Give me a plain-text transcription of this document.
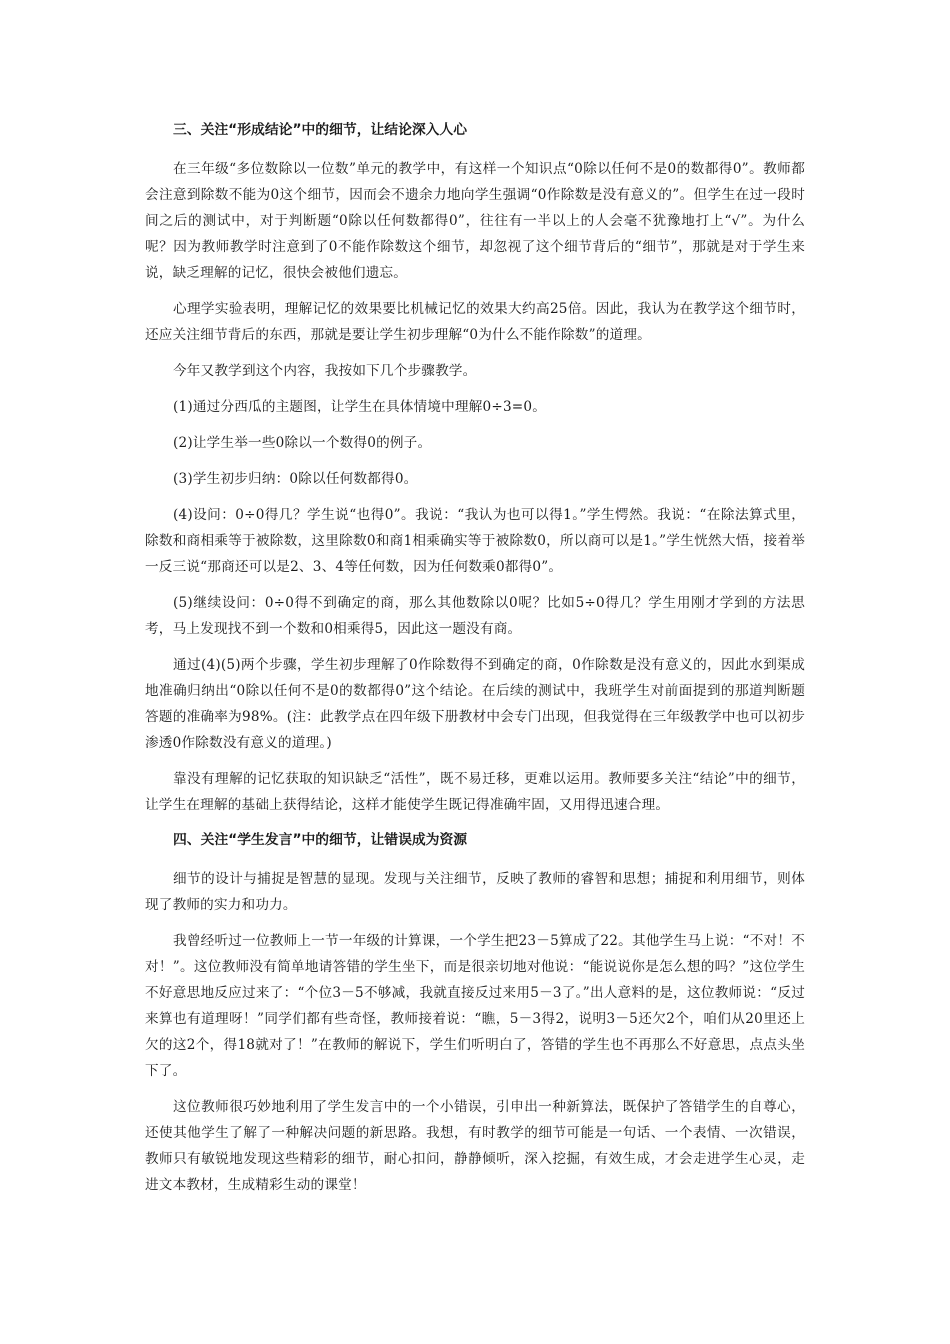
三、关注“形成结论”中的细节，让结论深入人心

在三年级“多位数除以一位数”单元的教学中，有这样一个知识点“0除以任何不是0的数都得0”。教师都会注意到除数不能为0这个细节，因而会不遗余力地向学生强调“0作除数是没有意义的”。但学生在过一段时间之后的测试中，对于判断题“0除以任何数都得0”，往往有一半以上的人会毫不犹豫地打上“√”。为什么呢？因为教师教学时注意到了0不能作除数这个细节，却忽视了这个细节背后的“细节”，那就是对于学生来说，缺乏理解的记忆，很快会被他们遗忘。

心理学实验表明，理解记忆的效果要比机械记忆的效果大约高25倍。因此，我认为在教学这个细节时，还应关注细节背后的东西，那就是要让学生初步理解“0为什么不能作除数”的道理。

今年又教学到这个内容，我按如下几个步骤教学。

(1)通过分西瓜的主题图，让学生在具体情境中理解0÷3=0。

(2)让学生举一些0除以一个数得0的例子。

(3)学生初步归纳：0除以任何数都得0。

(4)设问：0÷0得几？学生说“也得0”。我说：“我认为也可以得1。”学生愕然。我说：“在除法算式里，除数和商相乘等于被除数，这里除数0和商1相乘确实等于被除数0，所以商可以是1。”学生恍然大悟，接着举一反三说“那商还可以是2、3、4等任何数，因为任何数乘0都得0”。

(5)继续设问：0÷0得不到确定的商，那么其他数除以0呢？比如5÷0得几？学生用刚才学到的方法思考，马上发现找不到一个数和0相乘得5，因此这一题没有商。

通过(4)(5)两个步骤，学生初步理解了0作除数得不到确定的商，0作除数是没有意义的，因此水到渠成地准确归纳出“0除以任何不是0的数都得0”这个结论。在后续的测试中，我班学生对前面提到的那道判断题答题的准确率为98%。(注：此教学点在四年级下册教材中会专门出现，但我觉得在三年级教学中也可以初步渗透0作除数没有意义的道理。)

靠没有理解的记忆获取的知识缺乏“活性”，既不易迁移，更难以运用。教师要多关注“结论”中的细节，让学生在理解的基础上获得结论，这样才能使学生既记得准确牢固，又用得迅速合理。

四、关注“学生发言”中的细节，让错误成为资源

细节的设计与捕捉是智慧的显现。发现与关注细节，反映了教师的睿智和思想；捕捉和利用细节，则体现了教师的实力和功力。

我曾经听过一位教师上一节一年级的计算课，一个学生把23－5算成了22。其他学生马上说：“不对！不对！”。这位教师没有简单地请答错的学生坐下，而是很亲切地对他说：“能说说你是怎么想的吗？”这位学生不好意思地反应过来了：“个位3－5不够减，我就直接反过来用5－3了。”出人意料的是，这位教师说：“反过来算也有道理呀！”同学们都有些奇怪，教师接着说：“瞧，5－3得2，说明3－5还欠2个，咱们从20里还上欠的这2个，得18就对了！”在教师的解说下，学生们听明白了，答错的学生也不再那么不好意思，点点头坐下了。

这位教师很巧妙地利用了学生发言中的一个小错误，引申出一种新算法，既保护了答错学生的自尊心，还使其他学生了解了一种解决问题的新思路。我想，有时教学的细节可能是一句话、一个表情、一次错误，教师只有敏锐地发现这些精彩的细节，耐心扣问，静静倾听，深入挖掘，有效生成，才会走进学生心灵，走进文本教材，生成精彩生动的课堂！
